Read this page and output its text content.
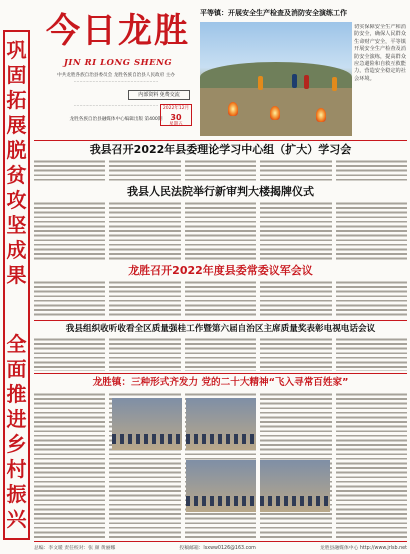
巩
固
拓
展
脱
贫
攻
坚
成
果
全
面
推
进
乡
村
振
兴
今日龙胜
JIN RI LONG SHENG
中共龙胜各族自治县委员会 龙胜各族自治县人民政府 主办
··························································
内部资料 免费交流
··························································
龙胜各族自治县融媒体中心编辑出版 第400期
2022年12月
30
星期五
平等镇：开展安全生产检查及消防安全演练工作
切实保障安全生产和消防安全，确保人民群众生命财产安全，平等镇开展安全生产检查及消防安全演练，提高群众应急避险和自救互救能力，营造安全稳定的社会环境。
我县召开2022年县委理论学习中心组（扩大）学习会
我县人民法院举行新审判大楼揭牌仪式
龙胜召开2022年度县委常委议军会议
我县组织收听收看全区质量强桂工作暨第六届自治区主席质量奖表彰电视电话会议
龙胜镇：三种形式齐发力 党的二十大精神“飞入寻常百姓家”
总编：李文暖 责任校对：张 颜 黄丽娜	投稿邮箱：lsxww0126@163.com	龙胜县融媒体中心 http://www.jrlsb.net
